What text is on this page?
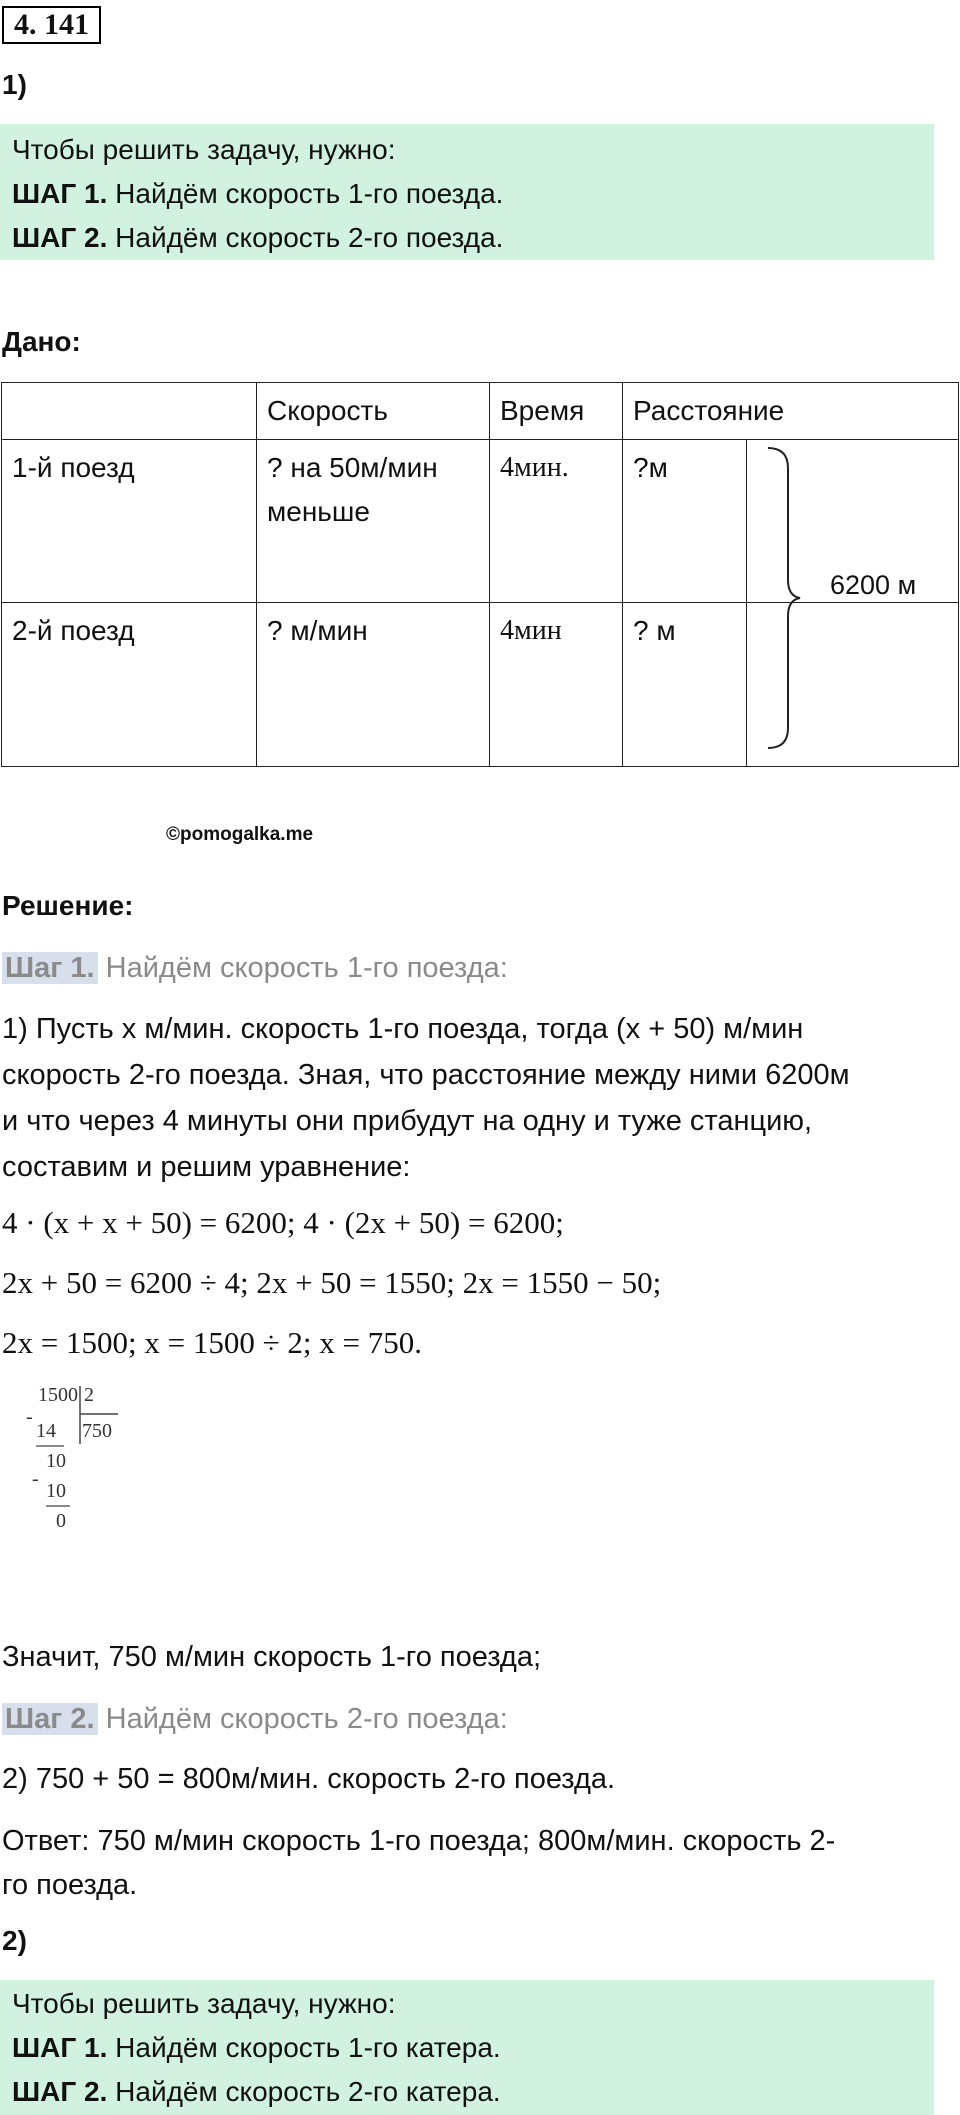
4. 141
1)
Чтобы решить задачу, нужно:
ШАГ 1. Найдём скорость 1-го поезда.
ШАГ 2. Найдём скорость 2-го поезда.
Дано:
	Скорость	Время	Расстояние	
1-й поезд	? на 50м/мин меньше	4мин.	?м	
2-й поезд	? м/мин	4мин	? м	
6200 м
©pomogalka.me
Решение:
Шаг 1. Найдём скорость 1-го поезда:
1) Пусть x м/мин. скорость 1-го поезда, тогда (x + 50) м/мин
скорость 2-го поезда. Зная, что расстояние между ними 6200м
и что через 4 минуты они прибудут на одну и туже станцию,
составим и решим уравнение:
4 · (x + x + 50) = 6200; 4 · (2x + 50) = 6200;
2x + 50 = 6200 ÷ 4; 2x + 50 = 1550; 2x = 1550 − 50;
2x = 1500; x = 1500 ÷ 2; x = 750.
1500 2
750
-
14
10
-
10
0
Значит, 750 м/мин скорость 1-го поезда;
Шаг 2. Найдём скорость 2-го поезда:
2) 750 + 50 = 800м/мин. скорость 2-го поезда.
Ответ: 750 м/мин скорость 1-го поезда; 800м/мин. скорость 2-
го поезда.
2)
Чтобы решить задачу, нужно:
ШАГ 1. Найдём скорость 1-го катера.
ШАГ 2. Найдём скорость 2-го катера.
